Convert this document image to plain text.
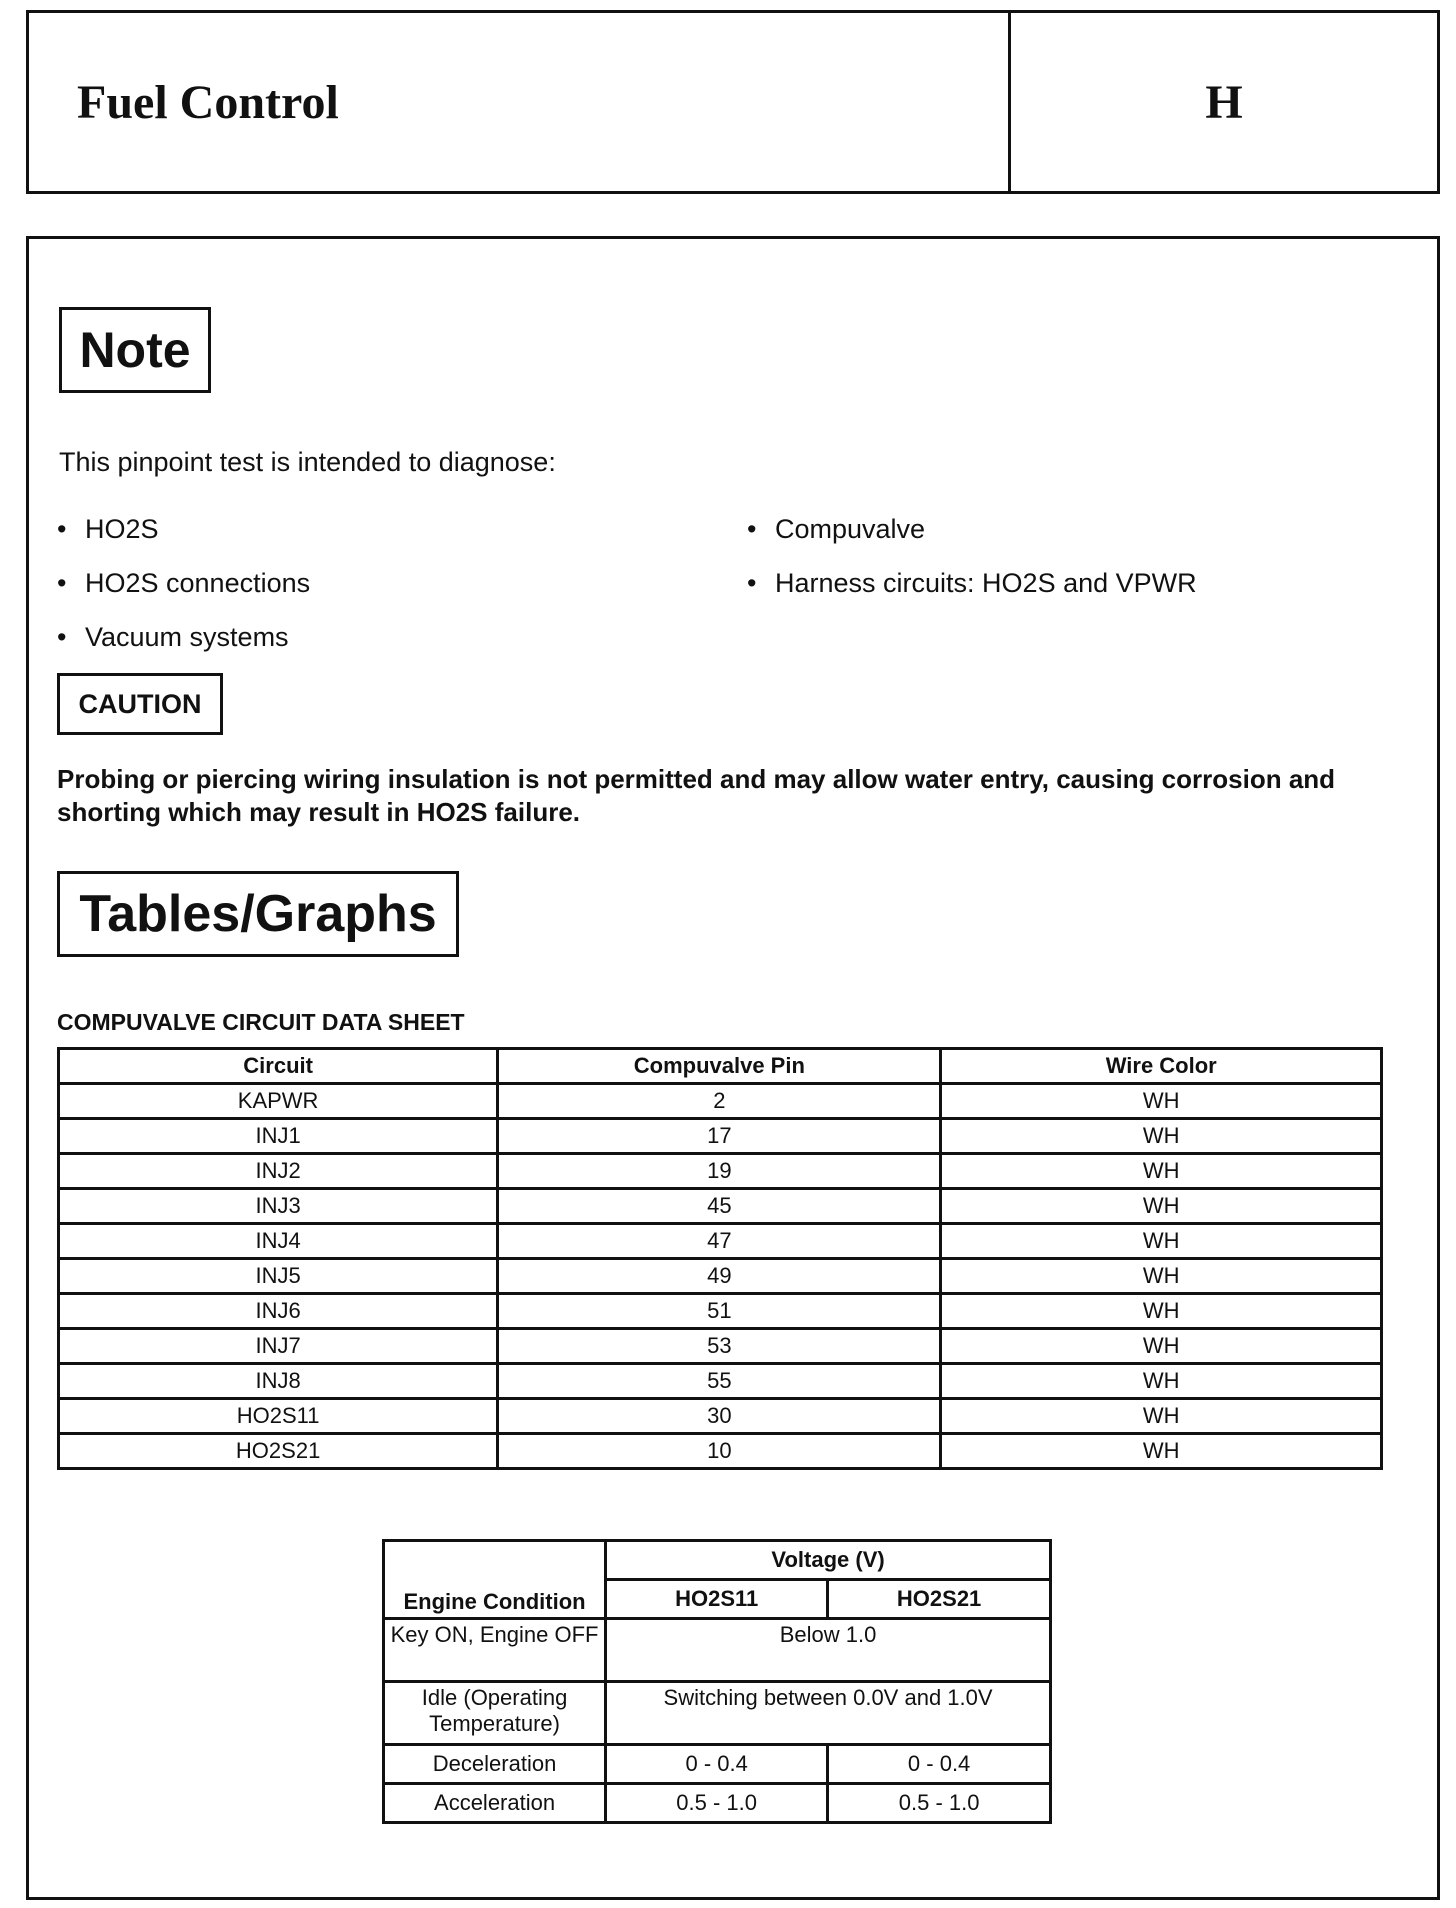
Fuel Control	H
Note
This pinpoint test is intended to diagnose:
• HO2S
• HO2S connections
• Vacuum systems
• Compuvalve
• Harness circuits: HO2S and VPWR
CAUTION
Probing or piercing wiring insulation is not permitted and may allow water entry, causing corrosion and shorting which may result in HO2S failure.
Tables/Graphs
COMPUVALVE CIRCUIT DATA SHEET
Circuit	Compuvalve Pin	Wire Color
KAPWR	2	WH
INJ1	17	WH
INJ2	19	WH
INJ3	45	WH
INJ4	47	WH
INJ5	49	WH
INJ6	51	WH
INJ7	53	WH
INJ8	55	WH
HO2S11	30	WH
HO2S21	10	WH
Engine Condition	Voltage (V)	
	HO2S11	HO2S21
Key ON, Engine OFF	Below 1.0	
Idle (Operating Temperature)	Switching between 0.0V and 1.0V	
Deceleration	0 - 0.4	0 - 0.4
Acceleration	0.5 - 1.0	0.5 - 1.0
